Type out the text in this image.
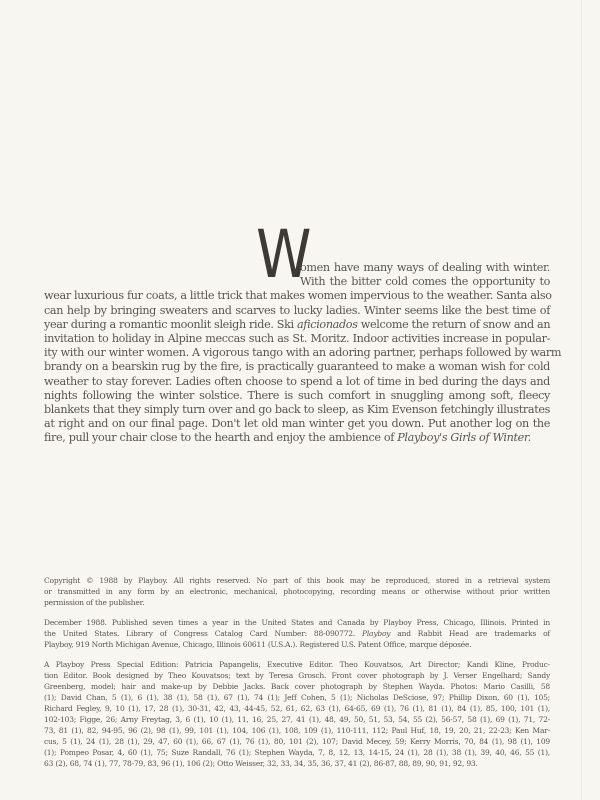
W
omen have many ways of dealing with winter.
With the bitter cold comes the opportunity to
wear luxurious fur coats, a little trick that makes women impervious to the weather. Santa also
can help by bringing sweaters and scarves to lucky ladies. Winter seems like the best time of
year during a romantic moonlit sleigh ride. Ski aficionados welcome the return of snow and an
invitation to holiday in Alpine meccas such as St. Moritz. Indoor activities increase in popular-
ity with our winter women. A vigorous tango with an adoring partner, perhaps followed by warm
brandy on a bearskin rug by the fire, is practically guaranteed to make a woman wish for cold
weather to stay forever. Ladies often choose to spend a lot of time in bed during the days and
nights following the winter solstice. There is such comfort in snuggling among soft, fleecy
blankets that they simply turn over and go back to sleep, as Kim Evenson fetchingly illustrates
at right and on our final page. Don't let old man winter get you down. Put another log on the
fire, pull your chair close to the hearth and enjoy the ambience of Playboy's Girls of Winter.
Copyright © 1988 by Playboy. All rights reserved. No part of this book may be reproduced, stored in a retrieval system
or transmitted in any form by an electronic, mechanical, photocopying, recording means or otherwise without prior written
permission of the publisher.
December 1988. Published seven times a year in the United States and Canada by Playboy Press, Chicago, Illinois. Printed in
the United States. Library of Congress Catalog Card Number: 88-090772. Playboy and Rabbit Head are trademarks of
Playboy, 919 North Michigan Avenue, Chicago, Illinois 60611 (U.S.A.). Registered U.S. Patent Office, marque déposée.
A Playboy Press Special Edition: Patricia Papangelis, Executive Editor. Theo Kouvatsos, Art Director; Kandi Kline, Produc-
tion Editor. Book designed by Theo Kouvatsos; text by Teresa Grosch. Front cover photograph by J. Verser Engelhard; Sandy
Greenberg, model; hair and make-up by Debbie Jacks. Back cover photograph by Stephen Wayda. Photos: Mario Casilli, 58
(1); David Chan, 5 (1), 6 (1), 38 (1), 58 (1), 67 (1), 74 (1); Jeff Cohen, 5 (1); Nicholas DeSciose, 97; Phillip Dixon, 60 (1), 105;
Richard Fegley, 9, 10 (1), 17, 28 (1), 30-31, 42, 43, 44-45, 52, 61, 62, 63 (1), 64-65, 69 (1), 76 (1), 81 (1), 84 (1), 85, 100, 101 (1),
102-103; Figge, 26; Arny Freytag, 3, 6 (1), 10 (1), 11, 16, 25, 27, 41 (1), 48, 49, 50, 51, 53, 54, 55 (2), 56-57, 58 (1), 69 (1), 71, 72-
73, 81 (1), 82, 94-95, 96 (2), 98 (1), 99, 101 (1), 104, 106 (1), 108, 109 (1), 110-111, 112; Paul Huf, 18, 19, 20, 21, 22-23; Ken Mar-
cus, 5 (1), 24 (1), 28 (1), 29, 47, 60 (1), 66, 67 (1), 76 (1), 80, 101 (2), 107; David Mecey, 59; Kerry Morris, 70, 84 (1), 98 (1), 109
(1); Pompeo Posar, 4, 60 (1), 75; Suze Randall, 76 (1); Stephen Wayda, 7, 8, 12, 13, 14-15, 24 (1), 28 (1), 38 (1), 39, 40, 46, 55 (1),
63 (2), 68, 74 (1), 77, 78-79, 83, 96 (1), 106 (2); Otto Weisser, 32, 33, 34, 35, 36, 37, 41 (2), 86-87, 88, 89, 90, 91, 92, 93.
